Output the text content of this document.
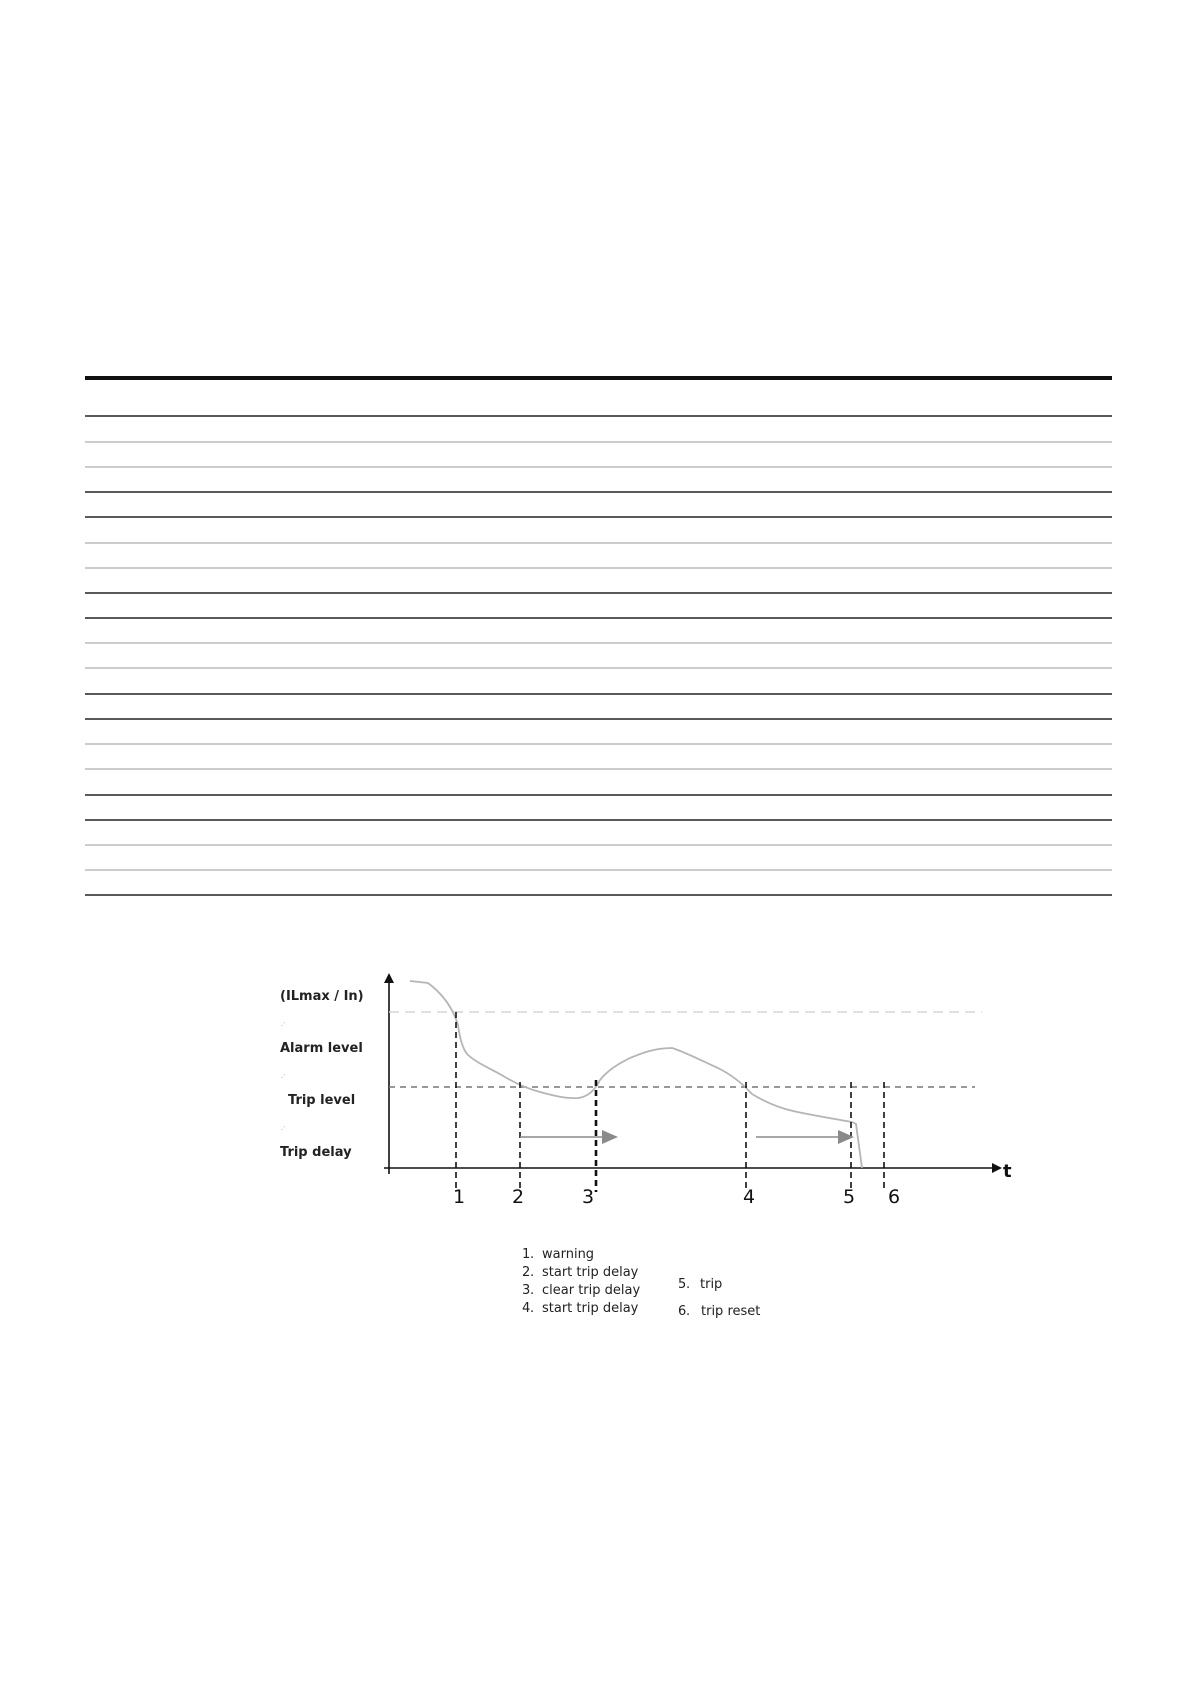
(ILmax / In)
.ˑ
Alarm level
.ˑ
Trip level
.ˑ
Trip delay
t
1 2	3	4	5 6
1 . warning
2 . start trip delay
3 . clear trip delay
4 . start trip delay
5 . trip
6 . trip reset
